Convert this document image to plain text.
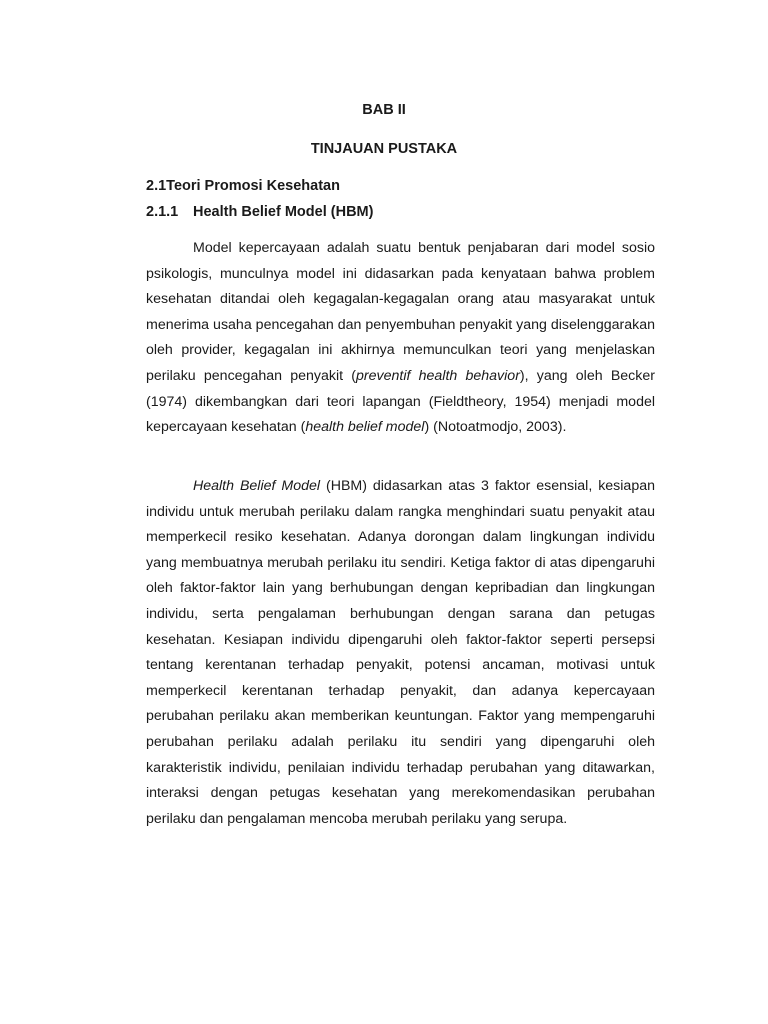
BAB II
TINJAUAN PUSTAKA
2.1Teori Promosi Kesehatan
2.1.1 Health Belief Model (HBM)

Model kepercayaan adalah suatu bentuk penjabaran dari model sosio psikologis, munculnya model ini didasarkan pada kenyataan bahwa problem kesehatan ditandai oleh kegagalan-kegagalan orang atau masyarakat untuk menerima usaha pencegahan dan penyembuhan penyakit yang diselenggarakan oleh provider, kegagalan ini akhirnya memunculkan teori yang menjelaskan perilaku pencegahan penyakit (preventif health behavior), yang oleh Becker (1974) dikembangkan dari teori lapangan (Fieldtheory, 1954) menjadi model kepercayaan kesehatan (health belief model) (Notoatmodjo, 2003).

Health Belief Model (HBM) didasarkan atas 3 faktor esensial, kesiapan individu untuk merubah perilaku dalam rangka menghindari suatu penyakit atau memperkecil resiko kesehatan. Adanya dorongan dalam lingkungan individu yang membuatnya merubah perilaku itu sendiri. Ketiga faktor di atas dipengaruhi oleh faktor-faktor lain yang berhubungan dengan kepribadian dan lingkungan individu, serta pengalaman berhubungan dengan sarana dan petugas kesehatan. Kesiapan individu dipengaruhi oleh faktor-faktor seperti persepsi tentang kerentanan terhadap penyakit, potensi ancaman, motivasi untuk memperkecil kerentanan terhadap penyakit, dan adanya kepercayaan perubahan perilaku akan memberikan keuntungan. Faktor yang mempengaruhi perubahan perilaku adalah perilaku itu sendiri yang dipengaruhi oleh karakteristik individu, penilaian individu terhadap perubahan yang ditawarkan, interaksi dengan petugas kesehatan yang merekomendasikan perubahan perilaku dan pengalaman mencoba merubah perilaku yang serupa.
